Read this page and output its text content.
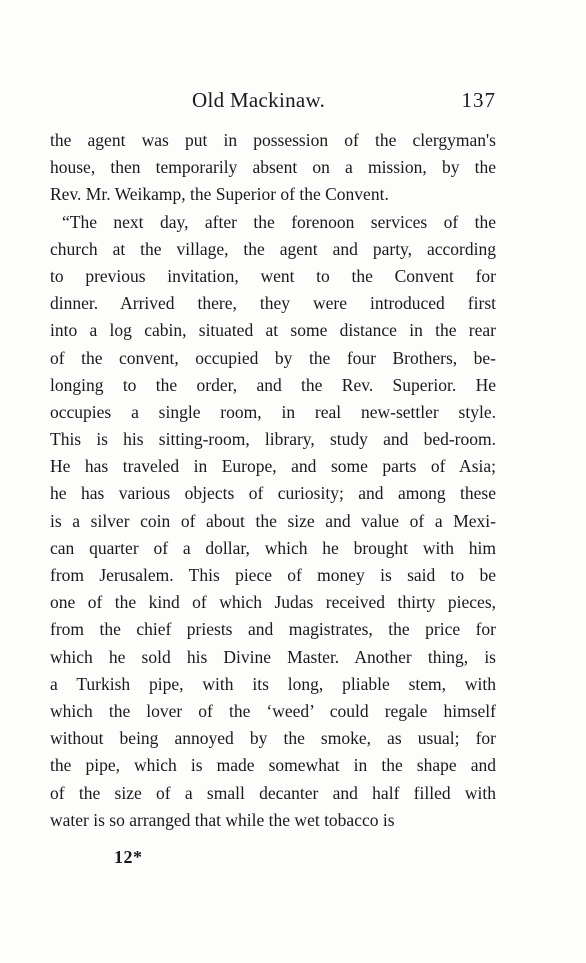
Old Mackinaw.	137
the agent was put in possession of the clergyman's
house, then temporarily absent on a mission, by the
Rev. Mr. Weikamp, the Superior of the Convent.
“The next day, after the forenoon services of the
church at the village, the agent and party, according
to previous invitation, went to the Convent for
dinner. Arrived there, they were introduced first
into a log cabin, situated at some distance in the rear
of the convent, occupied by the four Brothers, be-
longing to the order, and the Rev. Superior. He
occupies a single room, in real new-settler style.
This is his sitting-room, library, study and bed-room.
He has traveled in Europe, and some parts of Asia;
he has various objects of curiosity; and among these
is a silver coin of about the size and value of a Mexi-
can quarter of a dollar, which he brought with him
from Jerusalem. This piece of money is said to be
one of the kind of which Judas received thirty pieces,
from the chief priests and magistrates, the price for
which he sold his Divine Master. Another thing, is
a Turkish pipe, with its long, pliable stem, with
which the lover of the ‘weed’ could regale himself
without being annoyed by the smoke, as usual; for
the pipe, which is made somewhat in the shape and
of the size of a small decanter and half filled with
water is so arranged that while the wet tobacco is
12*
